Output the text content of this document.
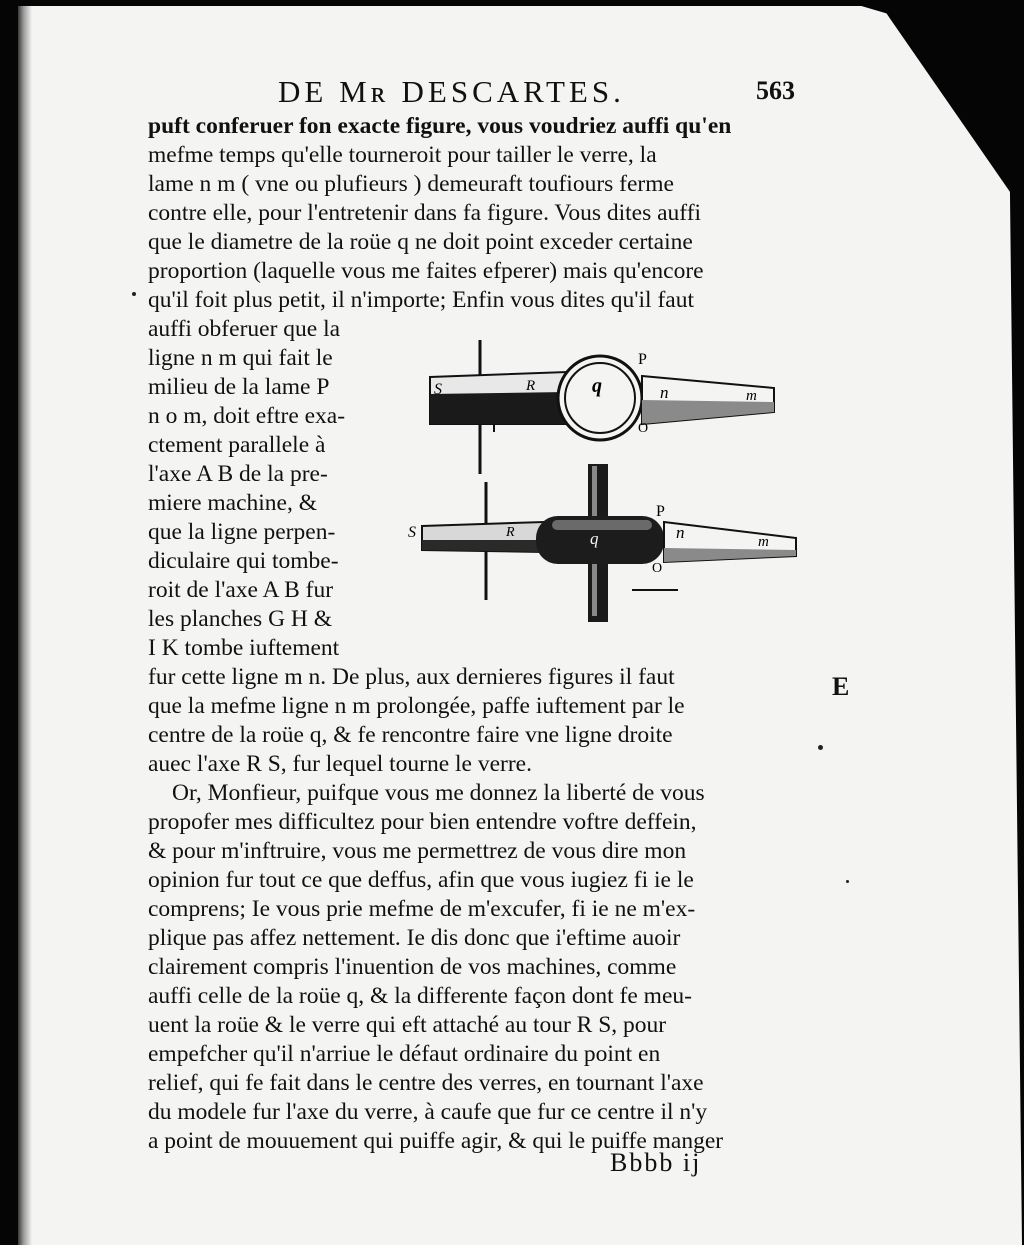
DE Mʀ DESCARTES.	563
puft conferuer fon exacte figure, vous voudriez auffi qu'en
mefme temps qu'elle tourneroit pour tailler le verre, la
lame n m ( vne ou plufieurs ) demeuraft toufiours ferme
contre elle, pour l'entretenir dans fa figure. Vous dites auffi
que le diametre de la roüe q ne doit point exceder certaine
proportion (laquelle vous me faites efperer) mais qu'encore
qu'il foit plus petit, il n'importe; Enfin vous dites qu'il faut
auffi obferuer que la
ligne n m qui fait le
milieu de la lame P
n o m, doit eftre exa-
ctement parallele à
l'axe A B de la pre-
miere machine, &
que la ligne perpen-
diculaire qui tombe-
roit de l'axe A B fur
les planches G H &
I K tombe iuftement
fur cette ligne m n. De plus, aux dernieres figures il faut
que la mefme ligne n m prolongée, paffe iuftement par le
centre de la roüe q, & fe rencontre faire vne ligne droite
auec l'axe R S, fur lequel tourne le verre.
Or, Monfieur, puifque vous me donnez la liberté de vous
propofer mes difficultez pour bien entendre voftre deffein,
& pour m'inftruire, vous me permettrez de vous dire mon
opinion fur tout ce que deffus, afin que vous iugiez fi ie le
comprens; Ie vous prie mefme de m'excufer, fi ie ne m'ex-
plique pas affez nettement. Ie dis donc que i'eftime auoir
clairement compris l'inuention de vos machines, comme
auffi celle de la roüe q, & la differente façon dont fe meu-
uent la roüe & le verre qui eft attaché au tour R S, pour
empefcher qu'il n'arriue le défaut ordinaire du point en
relief, qui fe fait dans le centre des verres, en tournant l'axe
du modele fur l'axe du verre, à caufe que fur ce centre il n'y
a point de mouuement qui puiffe agir, & qui le puiffe manger
E
Bbbb ij
S	R	q
P
n	m
O
S	R	q
P
n	m
O
